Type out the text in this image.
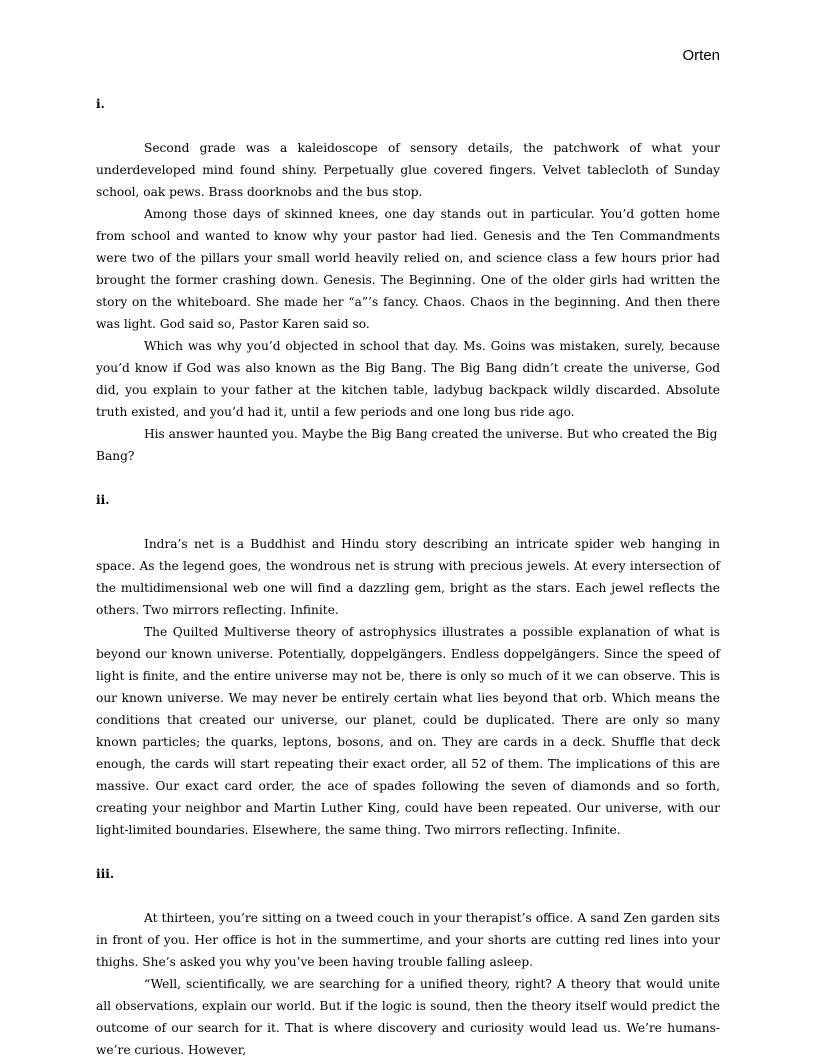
Orten

i.

Second grade was a kaleidoscope of sensory details, the patchwork of what your underdeveloped mind found shiny. Perpetually glue covered fingers. Velvet tablecloth of Sunday school, oak pews. Brass doorknobs and the bus stop.

Among those days of skinned knees, one day stands out in particular. You’d gotten home from school and wanted to know why your pastor had lied. Genesis and the Ten Commandments were two of the pillars your small world heavily relied on, and science class a few hours prior had brought the former crashing down. Genesis. The Beginning. One of the older girls had written the story on the whiteboard. She made her “a”’s fancy. Chaos. Chaos in the beginning. And then there was light. God said so, Pastor Karen said so.

Which was why you’d objected in school that day. Ms. Goins was mistaken, surely, because you’d know if God was also known as the Big Bang. The Big Bang didn’t create the universe, God did, you explain to your father at the kitchen table, ladybug backpack wildly discarded. Absolute truth existed, and you’d had it, until a few periods and one long bus ride ago.

His answer haunted you. Maybe the Big Bang created the universe. But who created the Big Bang?

ii.

Indra’s net is a Buddhist and Hindu story describing an intricate spider web hanging in space. As the legend goes, the wondrous net is strung with precious jewels. At every intersection of the multidimensional web one will find a dazzling gem, bright as the stars. Each jewel reflects the others. Two mirrors reflecting. Infinite.

The Quilted Multiverse theory of astrophysics illustrates a possible explanation of what is beyond our known universe. Potentially, doppelgängers. Endless doppelgängers. Since the speed of light is finite, and the entire universe may not be, there is only so much of it we can observe. This is our known universe. We may never be entirely certain what lies beyond that orb. Which means the conditions that created our universe, our planet, could be duplicated. There are only so many known particles; the quarks, leptons, bosons, and on. They are cards in a deck. Shuffle that deck enough, the cards will start repeating their exact order, all 52 of them. The implications of this are massive. Our exact card order, the ace of spades following the seven of diamonds and so forth, creating your neighbor and Martin Luther King, could have been repeated. Our universe, with our light-limited boundaries. Elsewhere, the same thing. Two mirrors reflecting. Infinite.

iii.

At thirteen, you’re sitting on a tweed couch in your therapist’s office. A sand Zen garden sits in front of you. Her office is hot in the summertime, and your shorts are cutting red lines into your thighs. She’s asked you why you’ve been having trouble falling asleep.

“Well, scientifically, we are searching for a unified theory, right? A theory that would unite all observations, explain our world. But if the logic is sound, then the theory itself would predict the outcome of our search for it. That is where discovery and curiosity would lead us. We’re humans- we’re curious. However,
